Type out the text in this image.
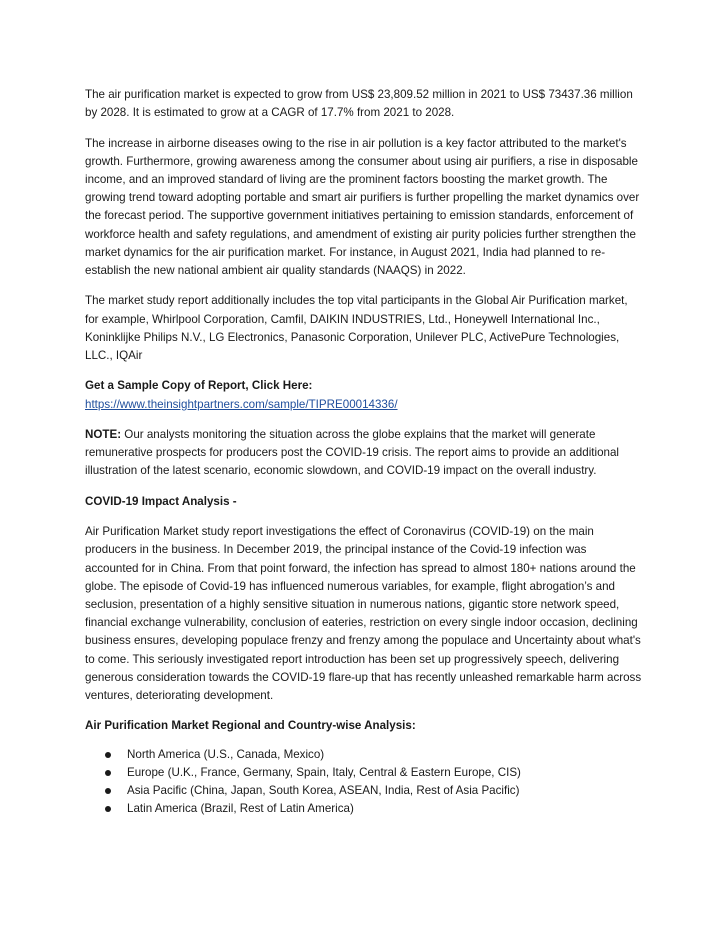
The air purification market is expected to grow from US$ 23,809.52 million in 2021 to US$ 73437.36 million by 2028. It is estimated to grow at a CAGR of 17.7% from 2021 to 2028.

The increase in airborne diseases owing to the rise in air pollution is a key factor attributed to the market's growth. Furthermore, growing awareness among the consumer about using air purifiers, a rise in disposable income, and an improved standard of living are the prominent factors boosting the market growth. The growing trend toward adopting portable and smart air purifiers is further propelling the market dynamics over the forecast period. The supportive government initiatives pertaining to emission standards, enforcement of workforce health and safety regulations, and amendment of existing air purity policies further strengthen the market dynamics for the air purification market. For instance, in August 2021, India had planned to re-establish the new national ambient air quality standards (NAAQS) in 2022.

The market study report additionally includes the top vital participants in the Global Air Purification market, for example, Whirlpool Corporation, Camfil, DAIKIN INDUSTRIES, Ltd., Honeywell International Inc., Koninklijke Philips N.V., LG Electronics, Panasonic Corporation, Unilever PLC, ActivePure Technologies, LLC., IQAir

Get a Sample Copy of Report, Click Here:
https://www.theinsightpartners.com/sample/TIPRE00014336/

NOTE: Our analysts monitoring the situation across the globe explains that the market will generate remunerative prospects for producers post the COVID-19 crisis. The report aims to provide an additional illustration of the latest scenario, economic slowdown, and COVID-19 impact on the overall industry.

COVID-19 Impact Analysis -

Air Purification Market study report investigations the effect of Coronavirus (COVID-19) on the main producers in the business. In December 2019, the principal instance of the Covid-19 infection was accounted for in China. From that point forward, the infection has spread to almost 180+ nations around the globe. The episode of Covid-19 has influenced numerous variables, for example, flight abrogation’s and seclusion, presentation of a highly sensitive situation in numerous nations, gigantic store network speed, financial exchange vulnerability, conclusion of eateries, restriction on every single indoor occasion, declining business ensures, developing populace frenzy and frenzy among the populace and Uncertainty about what's to come. This seriously investigated report introduction has been set up progressively speech, delivering generous consideration towards the COVID-19 flare-up that has recently unleashed remarkable harm across ventures, deteriorating development.

Air Purification Market Regional and Country-wise Analysis:

North America (U.S., Canada, Mexico)
Europe (U.K., France, Germany, Spain, Italy, Central & Eastern Europe, CIS)
Asia Pacific (China, Japan, South Korea, ASEAN, India, Rest of Asia Pacific)
Latin America (Brazil, Rest of Latin America)
